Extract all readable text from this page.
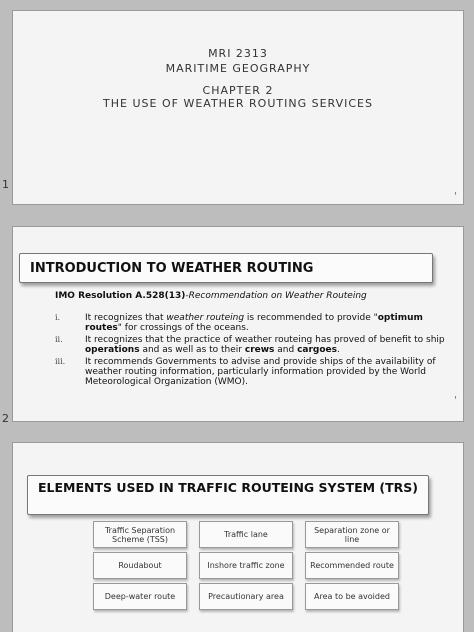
MRI 2313
MARITIME GEOGRAPHY
CHAPTER 2
THE USE OF WEATHER ROUTING SERVICES
'
1
INTRODUCTION TO WEATHER ROUTING
IMO Resolution A.528(13)-Recommendation on Weather Routeing
i.	It recognizes that weather routeing is recommended to provide "optimum routes" for crossings of the oceans.
ii. It recognizes that the practice of weather routeing has proved of benefit to ship operations and as well as to their crews and cargoes.
iii. It recommends Governments to advise and provide ships of the availability of weather routing information, particularly information provided by the World Meteorological Organization (WMO).
'
2
ELEMENTS USED IN TRAFFIC ROUTEING SYSTEM (TRS)
Traffic Separation Scheme (TSS)	Traffic lane	Separation zone or line
Roudabout	Inshore traffic zone	Recommended route
Deep-water route	Precautionary area	Area to be avoided
